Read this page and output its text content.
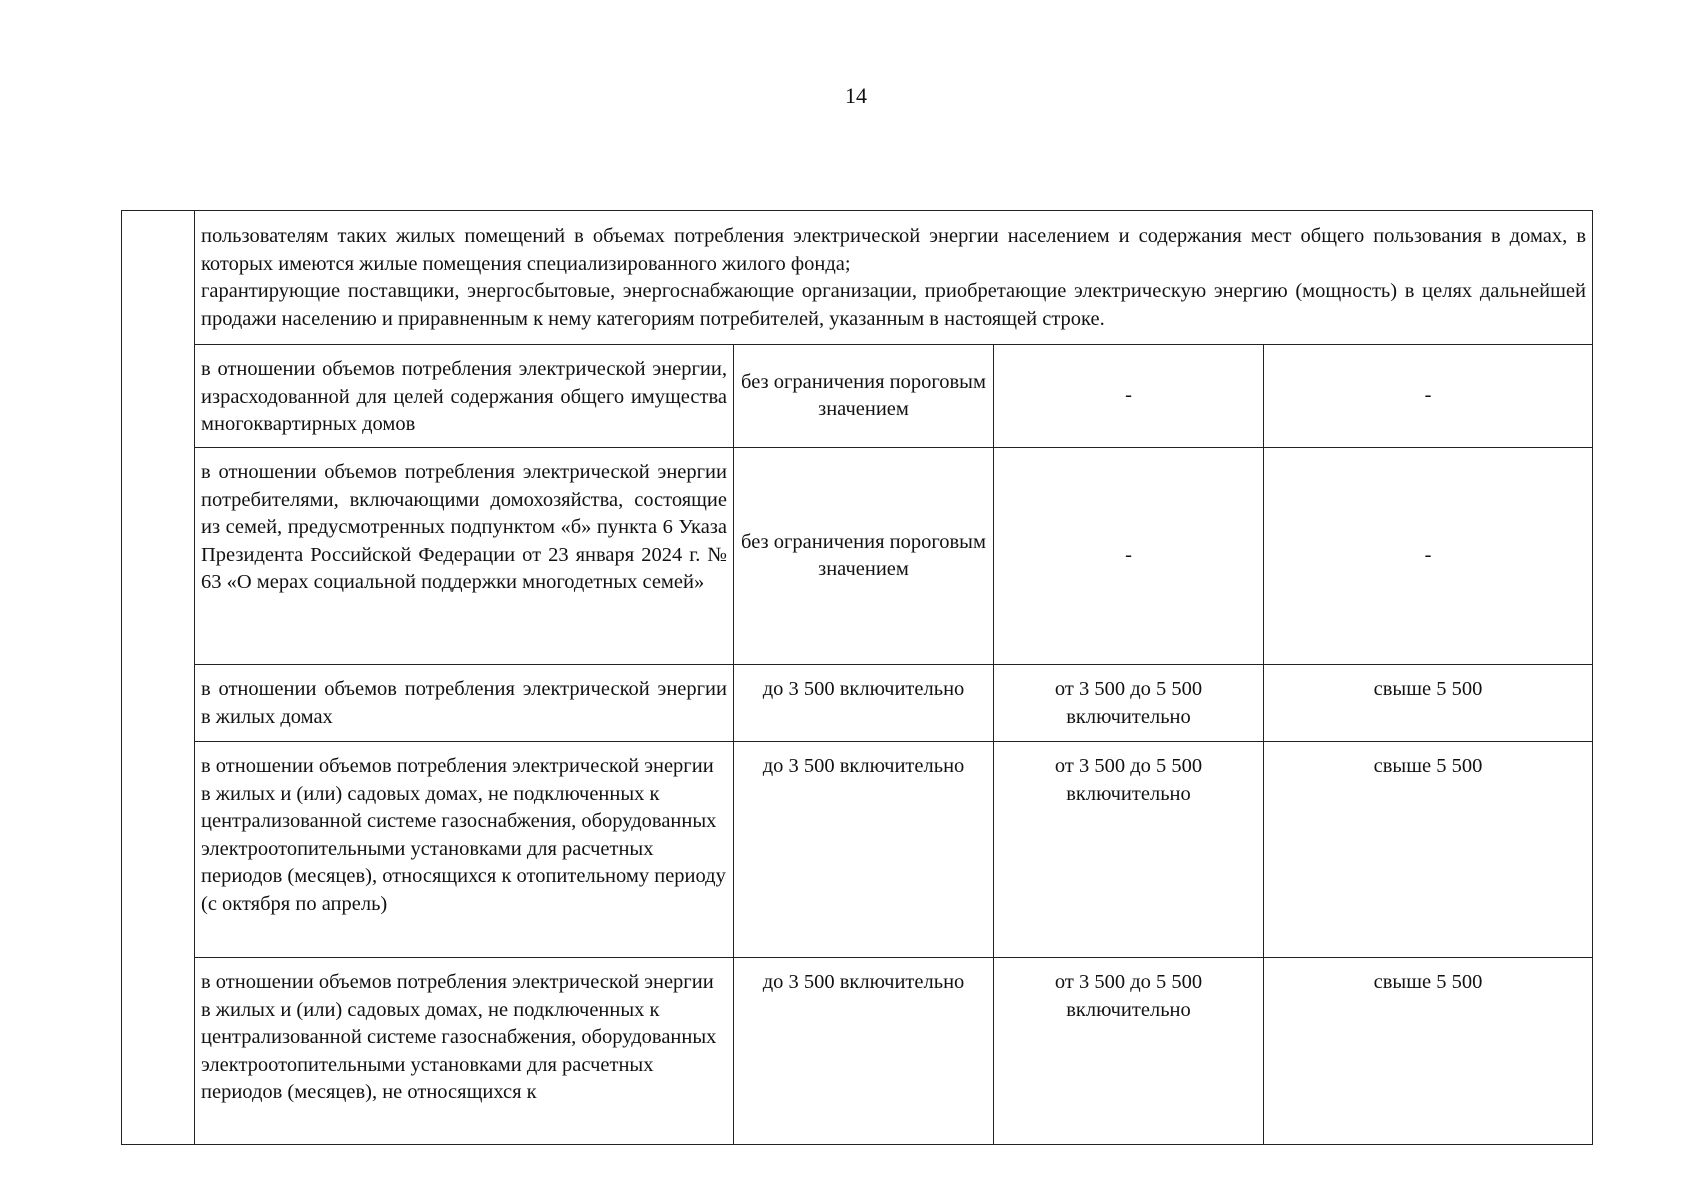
14

	пользователям таких жилых помещений в объемах потребления электрической энергии населением и содержания мест общего пользования в домах, в которых имеются жилые помещения специализированного жилого фонда;

гарантирующие поставщики, энергосбытовые, энергоснабжающие организации, приобретающие электрическую энергию (мощность) в целях дальнейшей продажи населению и приравненным к нему категориям потребителей, указанным в настоящей строке.			

	в отношении объемов потребления электрической энергии, израсходованной для целей содержания общего имущества многоквартирных домов	без ограничения пороговым значением	-	-
	в отношении объемов потребления электрической энергии потребителями, включающими домохозяйства, состоящие из семей, предусмотренных подпунктом «б» пункта 6 Указа Президента Российской Федерации от 23 января 2024 г. № 63 «О мерах социальной поддержки многодетных семей»	без ограничения пороговым значением	-	-
	в отношении объемов потребления электрической энергии в жилых домах	до 3 500 включительно	от 3 500 до 5 500 включительно	свыше 5 500
	в отношении объемов потребления электрической энергии в жилых и (или) садовых домах, не подключенных к централизованной системе газоснабжения, оборудованных электроотопительными установками для расчетных периодов (месяцев), относящихся к отопительному периоду (с октября по апрель)	до 3 500 включительно	от 3 500 до 5 500 включительно	свыше 5 500
	в отношении объемов потребления электрической энергии в жилых и (или) садовых домах, не подключенных к централизованной системе газоснабжения, оборудованных электроотопительными установками для расчетных периодов (месяцев), не относящихся к	до 3 500 включительно	от 3 500 до 5 500 включительно	свыше 5 500
